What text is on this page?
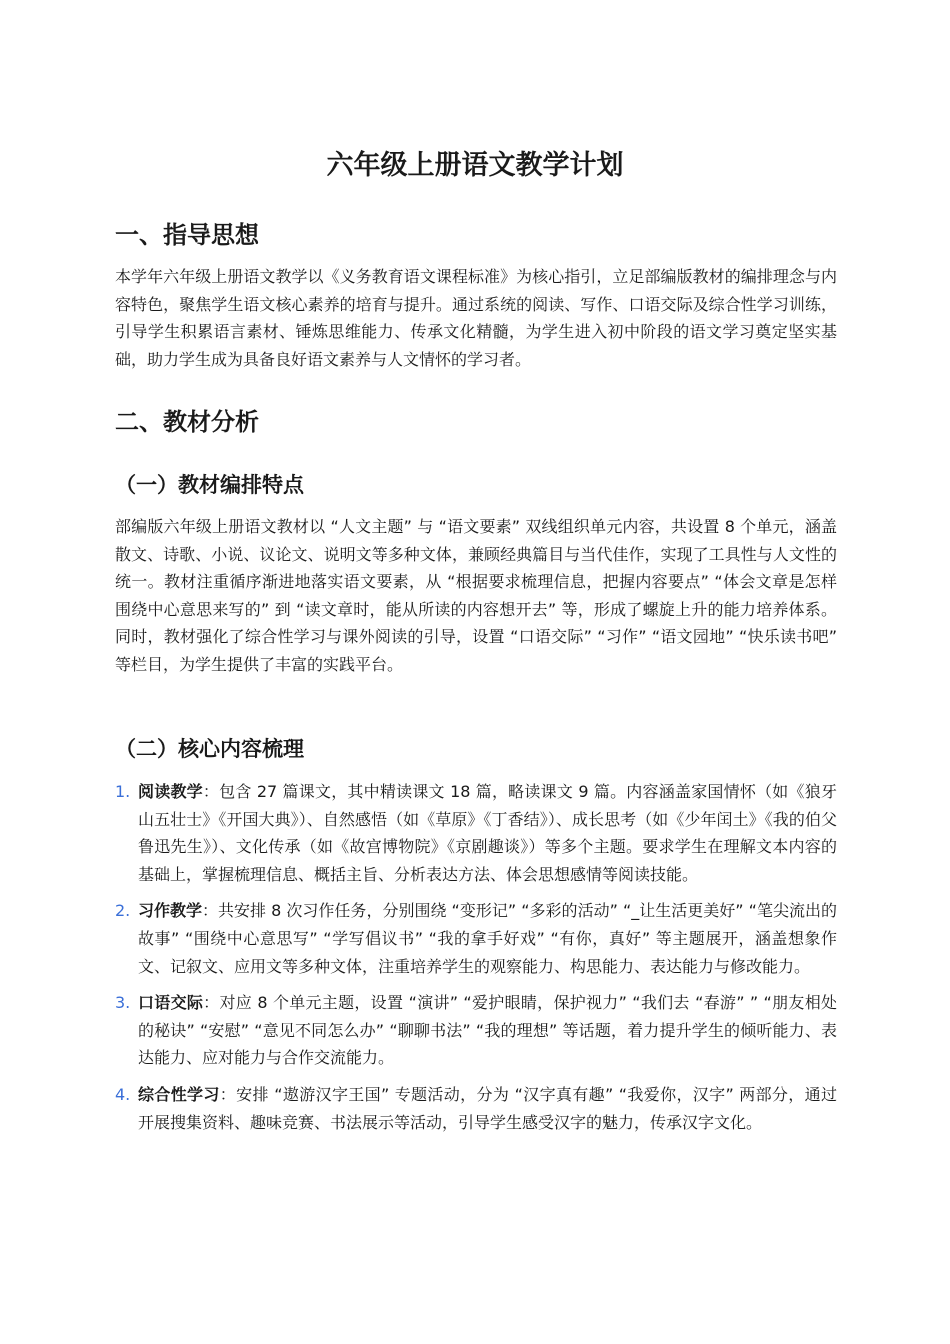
六年级上册语文教学计划
一、指导思想

本学年六年级上册语文教学以《义务教育语文课程标准》为核心指引，立足部编版教材的编排理念与内容特色，聚焦学生语文核心素养的培育与提升。通过系统的阅读、写作、口语交际及综合性学习训练，引导学生积累语言素材、锤炼思维能力、传承文化精髓，为学生进入初中阶段的语文学习奠定坚实基础，助力学生成为具备良好语文素养与人文情怀的学习者。

二、教材分析
（一）教材编排特点

部编版六年级上册语文教材以 “人文主题” 与 “语文要素” 双线组织单元内容，共设置 8 个单元，涵盖散文、诗歌、小说、议论文、说明文等多种文体，兼顾经典篇目与当代佳作，实现了工具性与人文性的统一。教材注重循序渐进地落实语文要素，从 “根据要求梳理信息，把握内容要点” “体会文章是怎样围绕中心意思来写的” 到 “读文章时，能从所读的内容想开去” 等，形成了螺旋上升的能力培养体系。同时，教材强化了综合性学习与课外阅读的引导，设置 “口语交际” “习作” “语文园地” “快乐读书吧” 等栏目，为学生提供了丰富的实践平台。

（二）核心内容梳理
1. 阅读教学：包含 27 篇课文，其中精读课文 18 篇，略读课文 9 篇。内容涵盖家国情怀（如《狼牙山五壮士》《开国大典》）、自然感悟（如《草原》《丁香结》）、成长思考（如《少年闰土》《我的伯父鲁迅先生》）、文化传承（如《故宫博物院》《京剧趣谈》）等多个主题。要求学生在理解文本内容的基础上，掌握梳理信息、概括主旨、分析表达方法、体会思想感情等阅读技能。
2. 习作教学：共安排 8 次习作任务，分别围绕 “变形记” “多彩的活动” “_让生活更美好” “笔尖流出的故事” “围绕中心意思写” “学写倡议书” “我的拿手好戏” “有你，真好” 等主题展开，涵盖想象作文、记叙文、应用文等多种文体，注重培养学生的观察能力、构思能力、表达能力与修改能力。
3. 口语交际：对应 8 个单元主题，设置 “演讲” “爱护眼睛，保护视力” “我们去 “春游” ” “朋友相处的秘诀” “安慰” “意见不同怎么办” “聊聊书法” “我的理想” 等话题，着力提升学生的倾听能力、表达能力、应对能力与合作交流能力。
4. 综合性学习：安排 “遨游汉字王国” 专题活动，分为 “汉字真有趣” “我爱你，汉字” 两部分，通过开展搜集资料、趣味竞赛、书法展示等活动，引导学生感受汉字的魅力，传承汉字文化。
